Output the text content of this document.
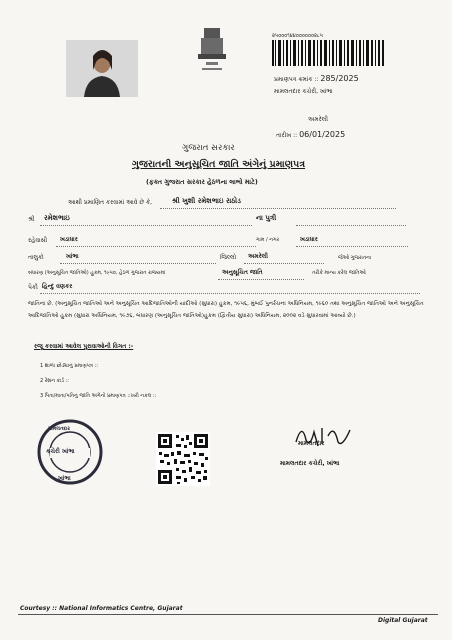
૨૫૦૦૦૧૪૪૦૦૦૦૦૦૨૮૫
પ્રમાણપત્ર ક્રમાંક :: 285/2025
મામલતદાર કચેરી, ખાંભા
અમરેલી
તારીખ :: 06/01/2025
ગુજરાત સરકાર
ગુજરાતની અનુસૂચિત જાતિ અંગેનું પ્રમાણપત્ર
(ફક્ત ગુજરાત સરકાર હેઠળના લાભો માટે)
આથી પ્રમાણિત કરવામાં આવે છે કે,	શ્રી ખુશી રમેશભાઇ રાઠોડ
શ્રી રમેશભાઇ	ના પુત્રી
રહેવાસી ખડાધાર	ગામ / નગર	ખડાધાર
તાલુકો	ખાંભા	જિલ્લો અમરેલી	જેઓ ગુજરાતના
બંધારણ (અનુસૂચિત જાતિઓ) હુકમ, ૧૯૫૦, હેઠળ ગુજરાત રાજ્યમાં	અનુસૂચિત જાતિ	તરીકે માન્ય કરેલ જાતિઓ
પૈકી હિન્દુ વણકર
જાતિના છે. (અનુસૂચિત જાતિઓ અને અનુસૂચિત આદિજાતિઓની યાદીઓ (સુધારા) હુકમ, ૧૯૫૬, મુંબઈ પુનર્રચના અધિનિયમ, ૧૯૬૦ તથા અનુસૂચિત જાતિઓ અને અનુસૂચિત આદિજાતિઓ હુકમ (સુધારા અધિનિયમ, ૧૯૭૬, બંધારણ (અનુસૂચિત જાતિઓ)હુકમ (દ્વિતીય સુધારા) અધિનિયમ, ૨૦૦૨ વડે સુધારવામાં આવ્યો છે.)
રજૂ કરવામાં આવેલ પુરાવાઓની વિગત :-
1 શાળા છોડ્યાનું પ્રમાણપત્ર ::
2 રેશન કાર્ડ ::
3 પિતા/માતા/પતિનું જાતિ અંગેનો પ્રમાણપત્ર ::ખરી નકલ ::
મામલતદાર
કચેરી ખાંભા
ખાંભા
મામલતદાર
મામલતદાર કચેરી, ખાંભા
Courtesy :: National Informatics Centre, Gujarat
Digital Gujarat
